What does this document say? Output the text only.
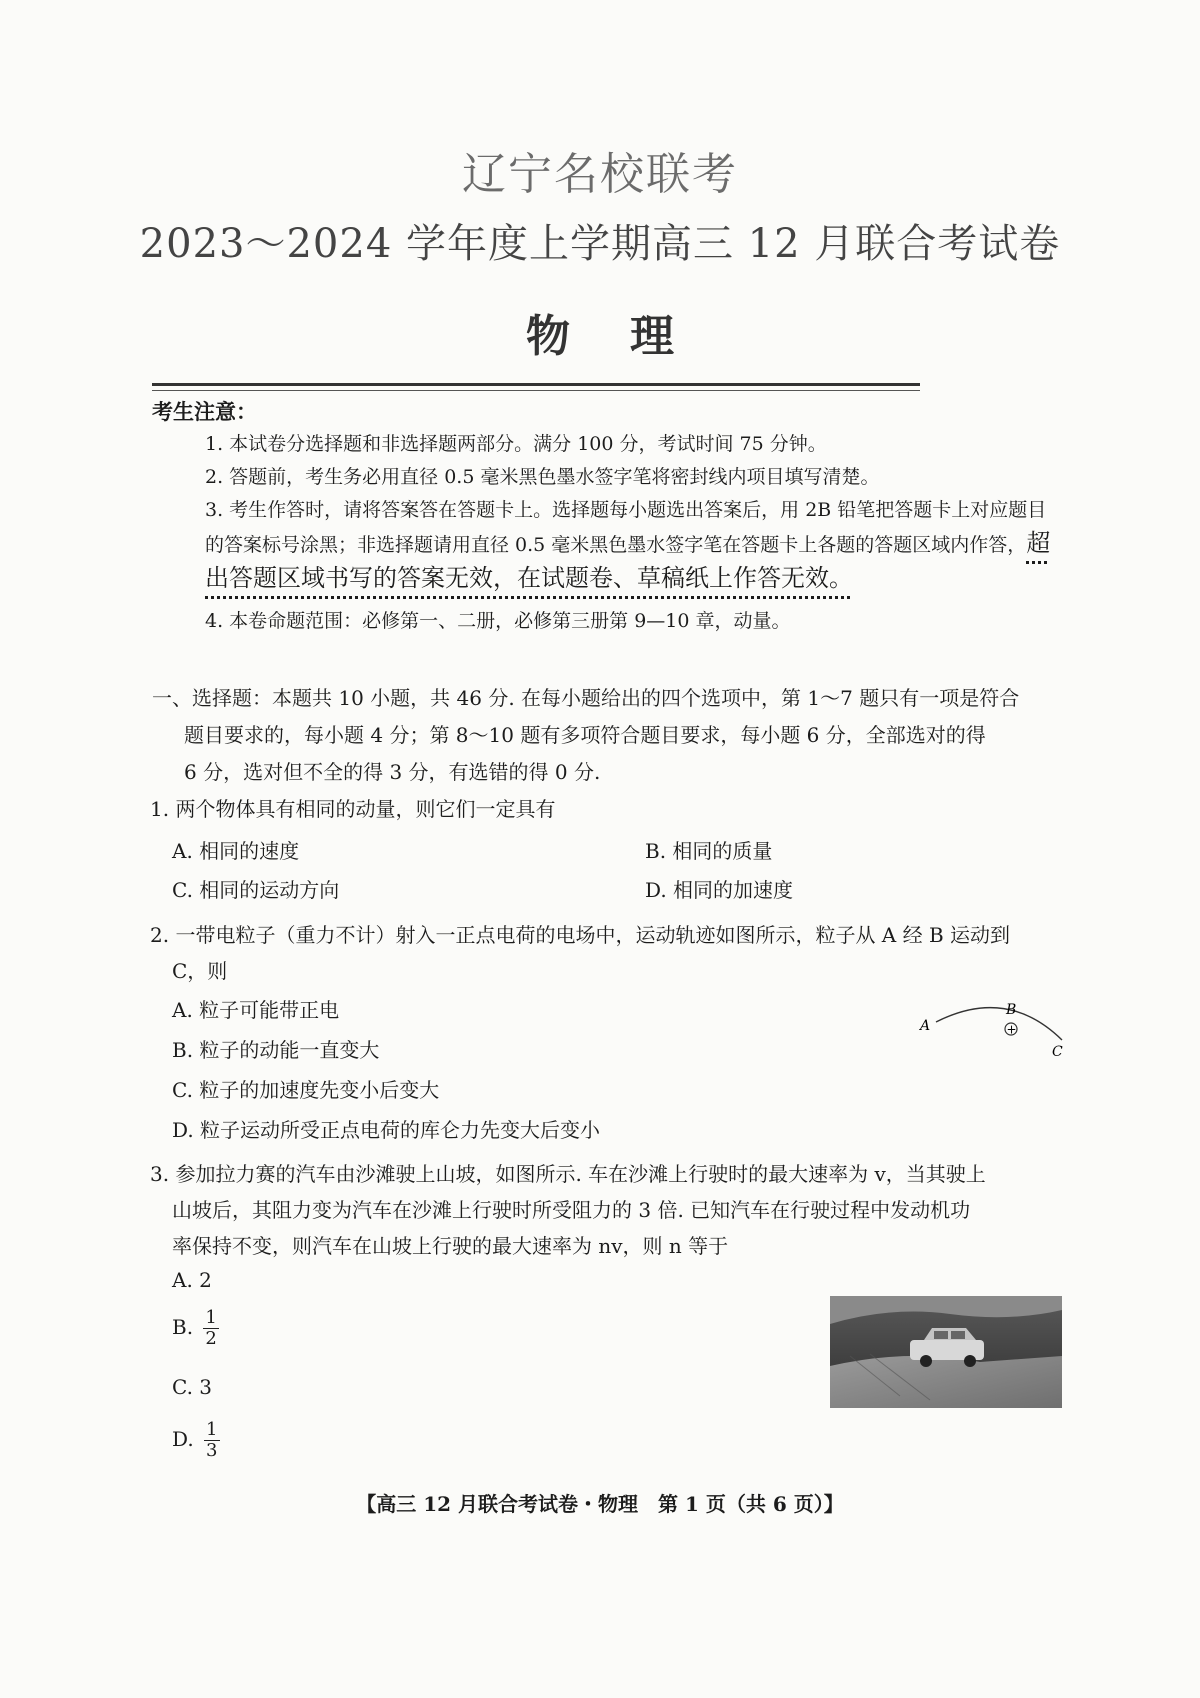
辽宁名校联考
2023～2024 学年度上学期高三 12 月联合考试卷
物理
考生注意：

1. 本试卷分选择题和非选择题两部分。满分 100 分，考试时间 75 分钟。

2. 答题前，考生务必用直径 0.5 毫米黑色墨水签字笔将密封线内项目填写清楚。

3. 考生作答时，请将答案答在答题卡上。选择题每小题选出答案后，用 2B 铅笔把答题卡上对应题目的答案标号涂黑；非选择题请用直径 0.5 毫米黑色墨水签字笔在答题卡上各题的答题区域内作答，超出答题区域书写的答案无效，在试题卷、草稿纸上作答无效。

4. 本卷命题范围：必修第一、二册，必修第三册第 9—10 章，动量。

一、选择题：本题共 10 小题，共 46 分. 在每小题给出的四个选项中，第 1～7 题只有一项是符合
题目要求的，每小题 4 分；第 8～10 题有多项符合题目要求，每小题 6 分，全部选对的得
6 分，选对但不全的得 3 分，有选错的得 0 分.
1. 两个物体具有相同的动量，则它们一定具有
A. 相同的速度	B. 相同的质量
C. 相同的运动方向	D. 相同的加速度
2. 一带电粒子（重力不计）射入一正点电荷的电场中，运动轨迹如图所示，粒子从 A 经 B 运动到
C，则
A. 粒子可能带正电
B. 粒子的动能一直变大
C. 粒子的加速度先变小后变大
D. 粒子运动所受正点电荷的库仑力先变大后变小
A
B
C
+
3. 参加拉力赛的汽车由沙滩驶上山坡，如图所示. 车在沙滩上行驶时的最大速率为 v，当其驶上
山坡后，其阻力变为汽车在沙滩上行驶时所受阻力的 3 倍. 已知汽车在行驶过程中发动机功
率保持不变，则汽车在山坡上行驶的最大速率为 nv，则 n 等于
A. 2
B. $\frac{1}{2}$
C. 3
D. $\frac{1}{3}$
【高三 12 月联合考试卷・物理　第 1 页（共 6 页）】
